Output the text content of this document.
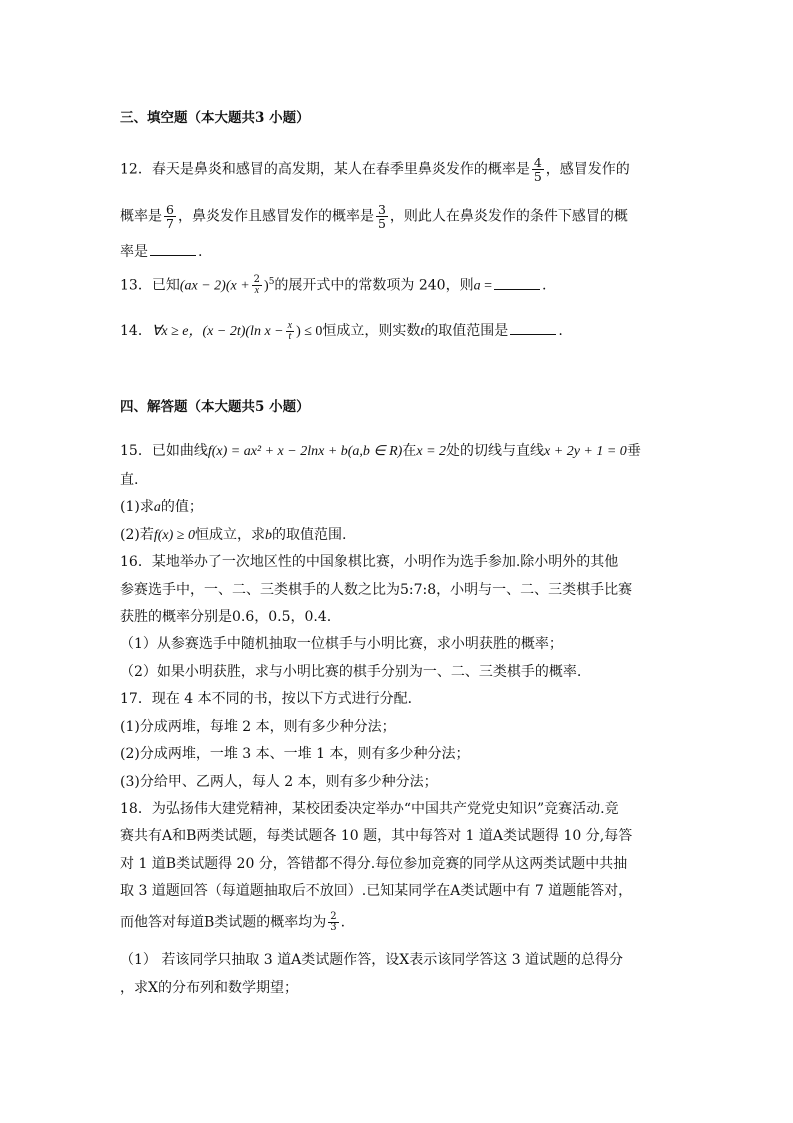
三、填空题（本大题共3 小题）
12．春天是鼻炎和感冒的高发期，某人在春季里鼻炎发作的概率是 $\frac{4}{5}$ ，感冒发作的
概率是 $\frac{6}{7}$ ，鼻炎发作且感冒发作的概率是 $\frac{3}{5}$ ，则此人在鼻炎发作的条件下感冒的概
率是	.
13．已知$(ax - 2)(x + \frac{2}{x} )^5$的展开式中的常数项为 240，则a =	.
14．∀x ≥ e，(x − 2t)(ln $x - \frac{x}{t}$ ) ≤ 0恒成立，则实数t的取值范围是	.
四、解答题（本大题共5 小题）
15．已如曲线f(x) = ax² + x − 2lnx + b(a,b ∈ R)在x = 2处的切线与直线x + 2y + 1 = 0垂
直.
(1)求a的值；
(2)若f(x) ≥ 0恒成立，求b的取值范围.
16．某地举办了一次地区性的中国象棋比赛，小明作为选手参加.除小明外的其他
参赛选手中，一、二、三类棋手的人数之比为5:7:8，小明与一、二、三类棋手比赛
获胜的概率分别是0.6，0.5，0.4.
（1）从参赛选手中随机抽取一位棋手与小明比赛，求小明获胜的概率；
（2）如果小明获胜，求与小明比赛的棋手分别为一、二、三类棋手的概率.
17．现在 4 本不同的书，按以下方式进行分配．
(1)分成两堆，每堆 2 本，则有多少种分法；
(2)分成两堆，一堆 3 本、一堆 1 本，则有多少种分法；
(3)分给甲、乙两人，每人 2 本，则有多少种分法；
18．为弘扬伟大建党精神，某校团委决定举办“中国共产党党史知识”竞赛活动.竞
赛共有A和B两类试题，每类试题各 10 题，其中每答对 1 道A类试题得 10 分,每答
对 1 道B类试题得 20 分，答错都不得分.每位参加竞赛的同学从这两类试题中共抽
取 3 道题回答（每道题抽取后不放回）.已知某同学在A类试题中有 7 道题能答对，
而他答对每道B类试题的概率均为 $\frac{2}{3}$ .
（1） 若该同学只抽取 3 道A类试题作答，设X表示该同学答这 3 道试题的总得分
，求X的分布列和数学期望；
